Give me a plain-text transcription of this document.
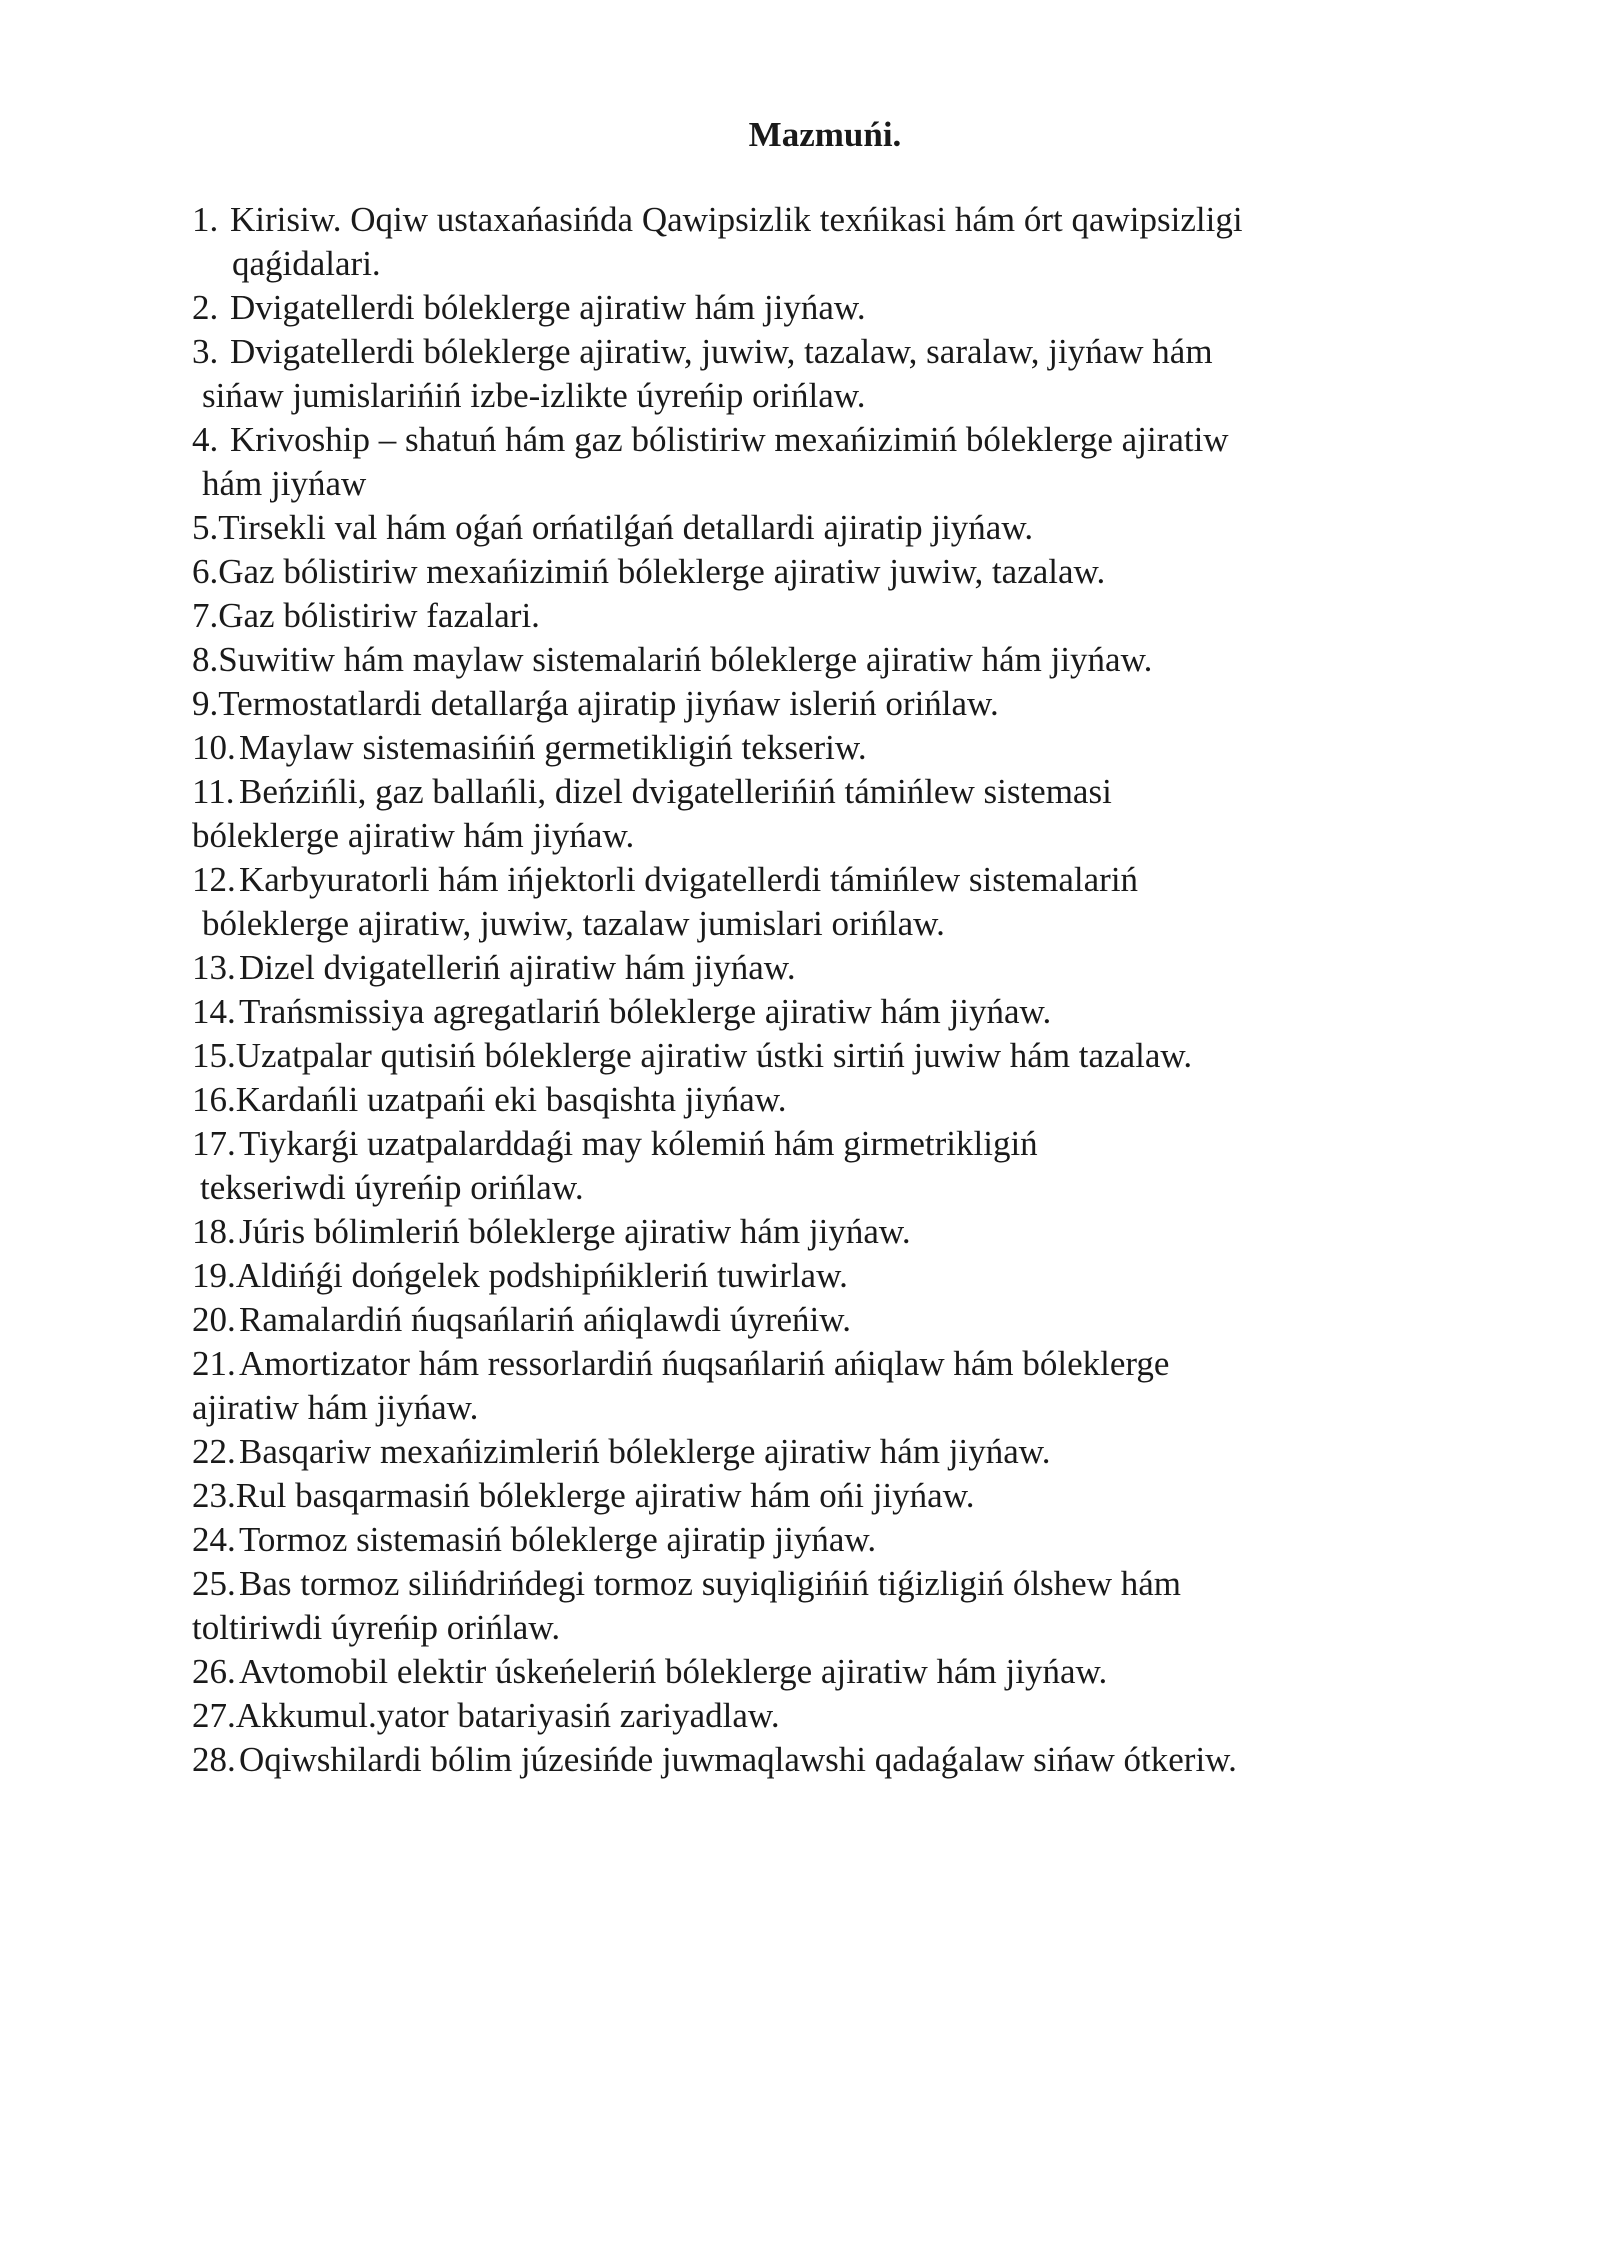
Mazmuńi.
1. Kirisiw. Oqiw ustaxańasińda Qawipsizlik texńikasi hám órt qawipsizligi
qaǵidalari.
2. Dvigatellerdi bóleklerge ajiratiw hám jiyńaw.
3. Dvigatellerdi bóleklerge ajiratiw, juwiw, tazalaw, saralaw, jiyńaw hám
sińaw jumislarińiń izbe-izlikte úyreńip orińlaw.
4. Krivoship – shatuń hám gaz bólistiriw mexańizimiń bóleklerge ajiratiw
hám jiyńaw
5.Tirsekli val hám oǵań orńatilǵań detallardi ajiratip jiyńaw.
6.Gaz bólistiriw mexańizimiń bóleklerge ajiratiw juwiw, tazalaw.
7.Gaz bólistiriw fazalari.
8.Suwitiw hám maylaw sistemalariń bóleklerge ajiratiw hám jiyńaw.
9.Termostatlardi detallarǵa ajiratip jiyńaw isleriń orińlaw.
10.Maylaw sistemasińiń germetikligiń tekseriw.
11. Beńzińli, gaz ballańli, dizel dvigatellerińiń támińlew sistemasi
bóleklerge ajiratiw hám jiyńaw.
12.Karbyuratorli hám ińjektorli dvigatellerdi támińlew sistemalariń
bóleklerge ajiratiw, juwiw, tazalaw jumislari orińlaw.
13.Dizel dvigatelleriń ajiratiw hám jiyńaw.
14.Trańsmissiya agregatlariń bóleklerge ajiratiw hám jiyńaw.
15.Uzatpalar qutisiń bóleklerge ajiratiw ústki sirtiń juwiw hám tazalaw.
16.Kardańli uzatpańi eki basqishta jiyńaw.
17.Tiykarǵi uzatpalarddaǵi may kólemiń hám girmetrikligiń
tekseriwdi úyreńip orińlaw.
18.Júris bólimleriń bóleklerge ajiratiw hám jiyńaw.
19.Aldińǵi dońgelek podshipńikleriń tuwirlaw.
20.Ramalardiń ńuqsańlariń ańiqlawdi úyreńiw.
21.Amortizator hám ressorlardiń ńuqsańlariń ańiqlaw hám bóleklerge
ajiratiw hám jiyńaw.
22.Basqariw mexańizimleriń bóleklerge ajiratiw hám jiyńaw.
23.Rul basqarmasiń bóleklerge ajiratiw hám ońi jiyńaw.
24.Tormoz sistemasiń bóleklerge ajiratip jiyńaw.
25.Bas tormoz silińdrińdegi tormoz suyiqligińiń tiǵizligiń ólshew hám
toltiriwdi úyreńip orińlaw.
26.Avtomobil elektir úskeńeleriń bóleklerge ajiratiw hám jiyńaw.
27.Akkumul.yator batariyasiń zariyadlaw.
28.Oqiwshilardi bólim júzesińde juwmaqlawshi qadaǵalaw sińaw ótkeriw.
